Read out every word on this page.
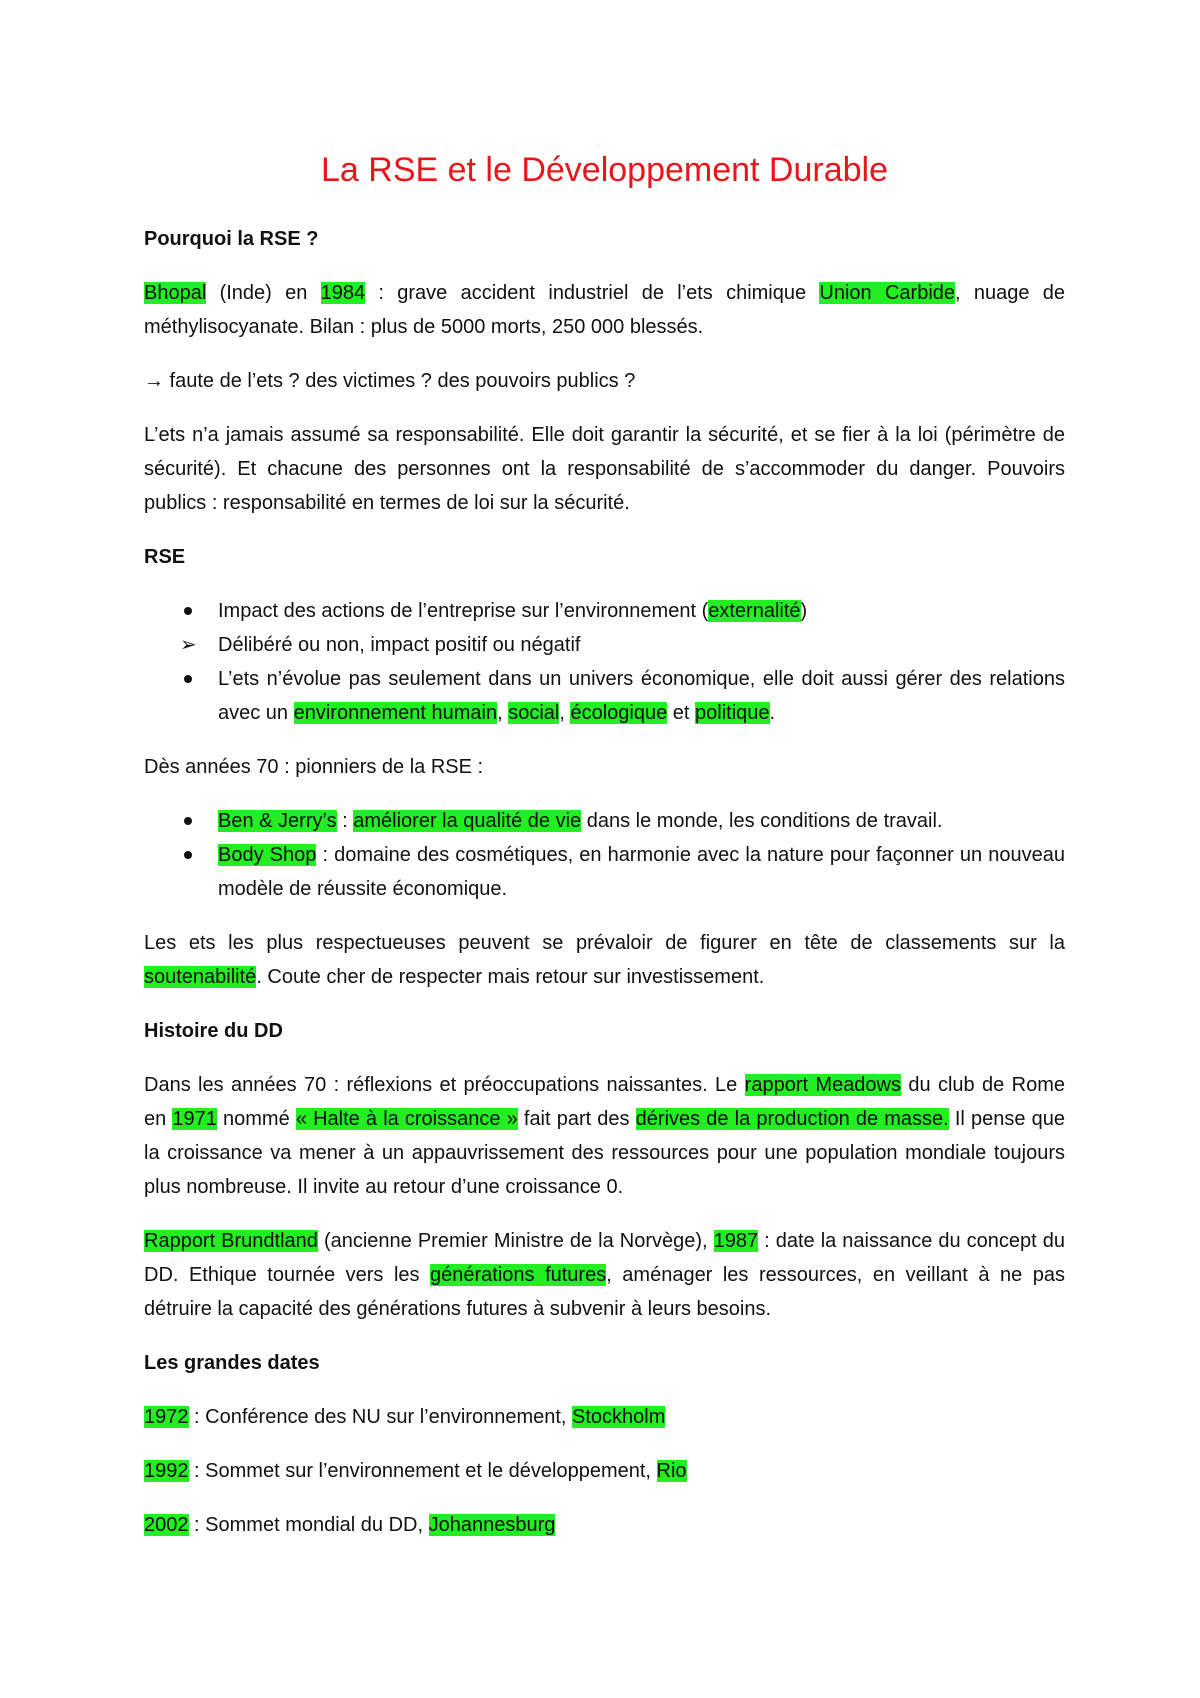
La RSE et le Développement Durable
Pourquoi la RSE ?

Bhopal (Inde) en 1984 : grave accident industriel de l’ets chimique Union Carbide, nuage de méthylisocyanate. Bilan : plus de 5000 morts, 250 000 blessés.

→ faute de l’ets ? des victimes ? des pouvoirs publics ?

L’ets n’a jamais assumé sa responsabilité. Elle doit garantir la sécurité, et se fier à la loi (périmètre de sécurité). Et chacune des personnes ont la responsabilité de s’accommoder du danger. Pouvoirs publics : responsabilité en termes de loi sur la sécurité.

RSE
Impact des actions de l’entreprise sur l’environnement (externalité)
➢ Délibéré ou non, impact positif ou négatif
L’ets n’évolue pas seulement dans un univers économique, elle doit aussi gérer des relations avec un environnement humain, social, écologique et politique.

Dès années 70 : pionniers de la RSE :

Ben & Jerry’s : améliorer la qualité de vie dans le monde, les conditions de travail.
Body Shop : domaine des cosmétiques, en harmonie avec la nature pour façonner un nouveau modèle de réussite économique.

Les ets les plus respectueuses peuvent se prévaloir de figurer en tête de classements sur la soutenabilité. Coute cher de respecter mais retour sur investissement.

Histoire du DD

Dans les années 70 : réflexions et préoccupations naissantes. Le rapport Meadows du club de Rome en 1971 nommé « Halte à la croissance » fait part des dérives de la production de masse. Il pense que la croissance va mener à un appauvrissement des ressources pour une population mondiale toujours plus nombreuse. Il invite au retour d’une croissance 0.

Rapport Brundtland (ancienne Premier Ministre de la Norvège), 1987 : date la naissance du concept du DD. Ethique tournée vers les générations futures, aménager les ressources, en veillant à ne pas détruire la capacité des générations futures à subvenir à leurs besoins.

Les grandes dates

1972 : Conférence des NU sur l’environnement, Stockholm

1992 : Sommet sur l’environnement et le développement, Rio

2002 : Sommet mondial du DD, Johannesburg
